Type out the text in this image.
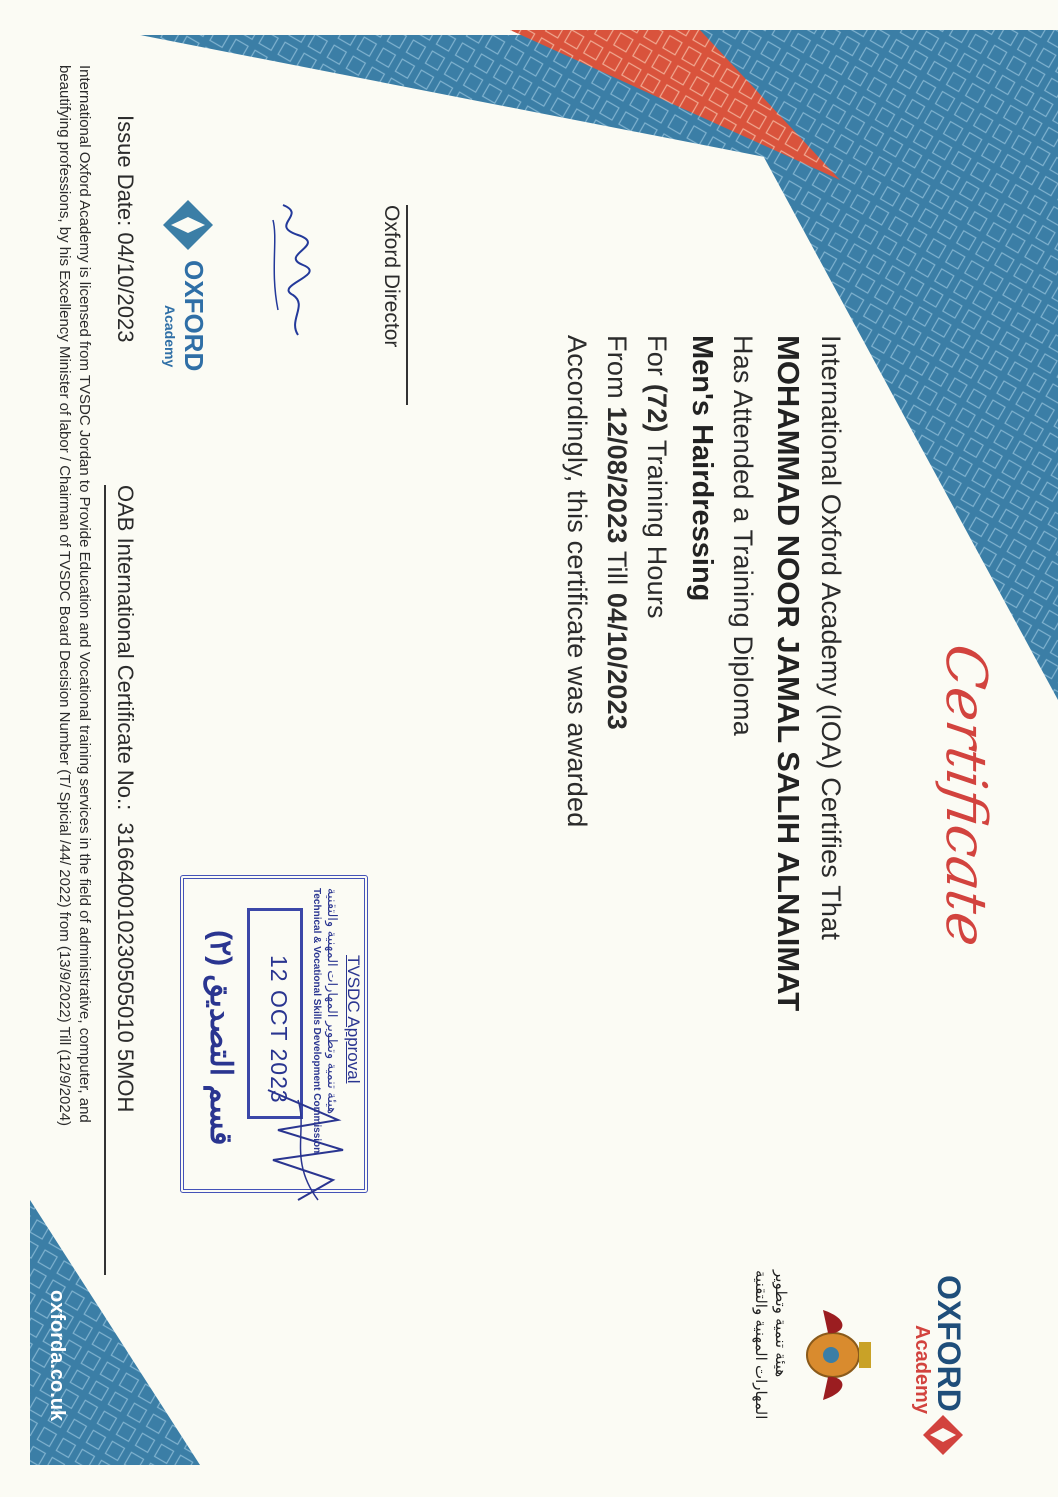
Certificate
International Oxford Academy (IOA) Certifies That
MOHAMMAD NOOR JAMAL SALIH ALNAIMAT
Has Attended a Training Diploma
Men's Hairdressing
For (72) Training Hours
From 12/08/2023 Till 04/10/2023
Accordingly, this certificate was awarded
Oxford Director
OXFORD
Academy
Issue Date: 04/10/2023
OAB International Certificate No.:  316640010230505010 5MOH
International Oxford Academy is licensed from TVSDC Jordan to Provide Education and Vocational training services in the field of administrative, computer, and
beautifying professions, by his Excellency Minister of labor / Chairman of TVSDC Board Decision Number (T/ Spicial /44/ 2022) from (13/9/2022) Till (12/9/2024)	TVSDC Approval
هيئة تنمية وتطوير المهارات المهنية والتقنية
Technical & Vocational Skills Development Commission
12 OCT 2023
قسم التصديق (٢)
OXFORD
Academy
هيئة تنمية وتطوير
المهارات المهنية والتقنية
oxforda.co.uk
